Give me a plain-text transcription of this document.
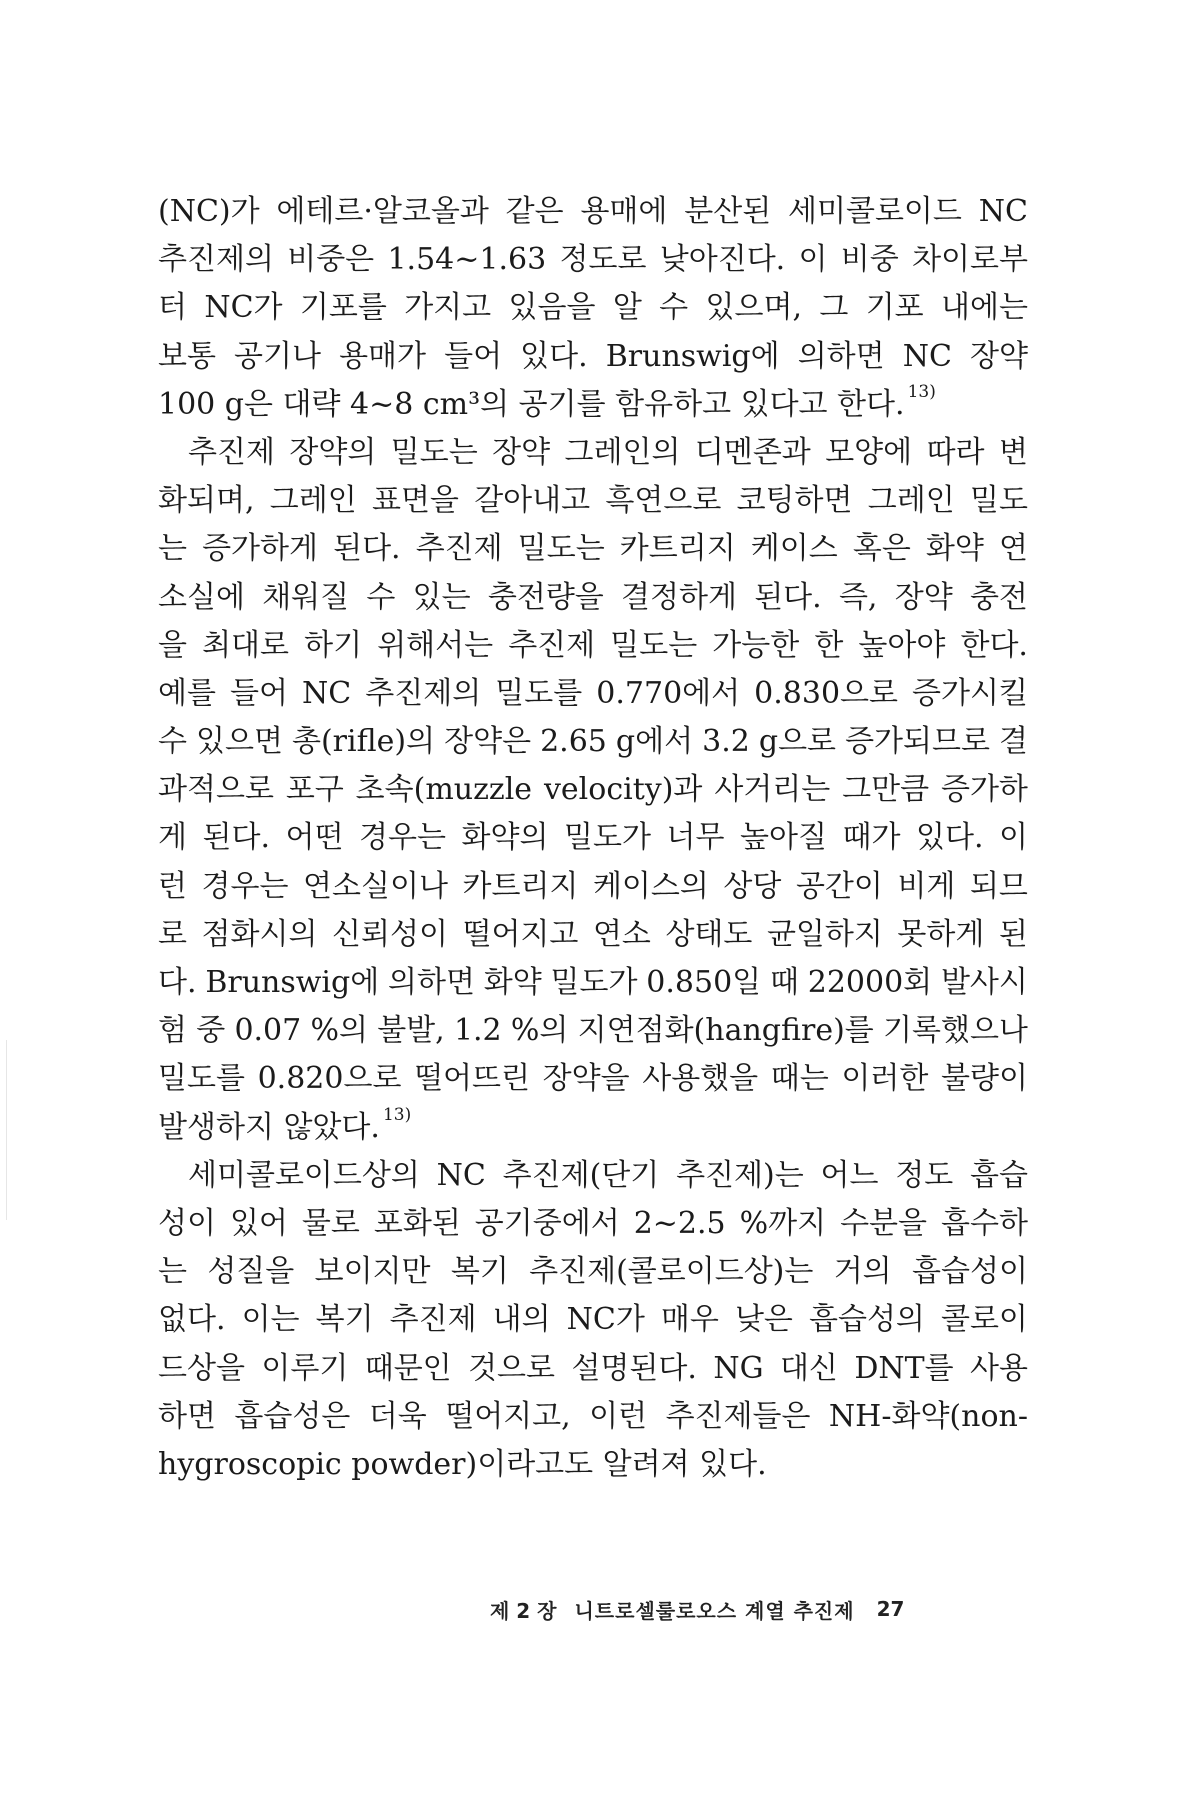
(NC)가 에테르·알코올과 같은 용매에 분산된 세미콜로이드 NC
추진제의 비중은 1.54~1.63 정도로 낮아진다. 이 비중 차이로부
터 NC가 기포를 가지고 있음을 알 수 있으며, 그 기포 내에는
보통 공기나 용매가 들어 있다. Brunswig에 의하면 NC 장약
100 g은 대략 4~8 cm³의 공기를 함유하고 있다고 한다. 13)
추진제 장약의 밀도는 장약 그레인의 디멘존과 모양에 따라 변
화되며, 그레인 표면을 갈아내고 흑연으로 코팅하면 그레인 밀도
는 증가하게 된다. 추진제 밀도는 카트리지 케이스 혹은 화약 연
소실에 채워질 수 있는 충전량을 결정하게 된다. 즉, 장약 충전
을 최대로 하기 위해서는 추진제 밀도는 가능한 한 높아야 한다.
예를 들어 NC 추진제의 밀도를 0.770에서 0.830으로 증가시킬
수 있으면 총(rifle)의 장약은 2.65 g에서 3.2 g으로 증가되므로 결
과적으로 포구 초속(muzzle velocity)과 사거리는 그만큼 증가하
게 된다. 어떤 경우는 화약의 밀도가 너무 높아질 때가 있다. 이
런 경우는 연소실이나 카트리지 케이스의 상당 공간이 비게 되므
로 점화시의 신뢰성이 떨어지고 연소 상태도 균일하지 못하게 된
다. Brunswig에 의하면 화약 밀도가 0.850일 때 22000회 발사시
험 중 0.07 %의 불발, 1.2 %의 지연점화(hangfire)를 기록했으나
밀도를 0.820으로 떨어뜨린 장약을 사용했을 때는 이러한 불량이
발생하지 않았다. 13)
세미콜로이드상의 NC 추진제(단기 추진제)는 어느 정도 흡습
성이 있어 물로 포화된 공기중에서 2~2.5 %까지 수분을 흡수하
는 성질을 보이지만 복기 추진제(콜로이드상)는 거의 흡습성이
없다. 이는 복기 추진제 내의 NC가 매우 낮은 흡습성의 콜로이
드상을 이루기 때문인 것으로 설명된다. NG 대신 DNT를 사용
하면 흡습성은 더욱 떨어지고, 이런 추진제들은 NH-화약(non-
hygroscopic powder)이라고도 알려져 있다.
제 2 장 니트로셀룰로오스 계열 추진제 27
